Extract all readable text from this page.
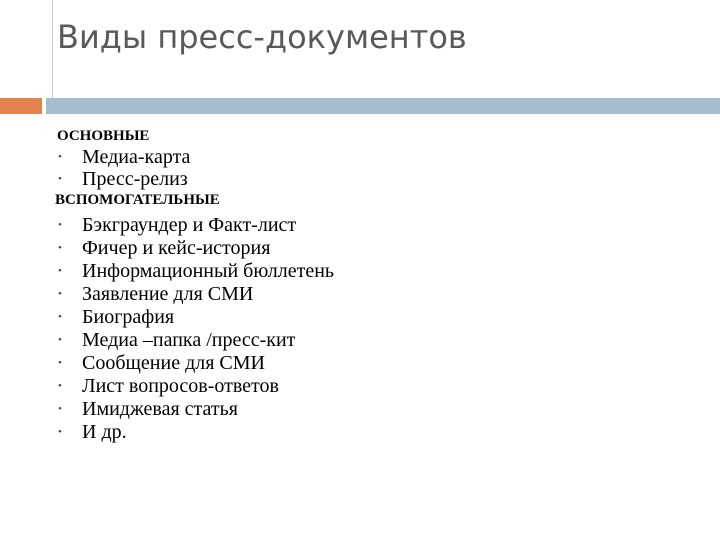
Виды пресс-документов
ОСНОВНЫЕ
• Медиа-карта
• Пресс-релиз
ВСПОМОГАТЕЛЬНЫЕ
• Бэкграундер и Факт-лист
• Фичер и кейс-история
• Информационный бюллетень
• Заявление для СМИ
• Биография
• Медиа –папка /пресс-кит
• Сообщение для СМИ
• Лист вопросов-ответов
• Имиджевая статья
• И др.
